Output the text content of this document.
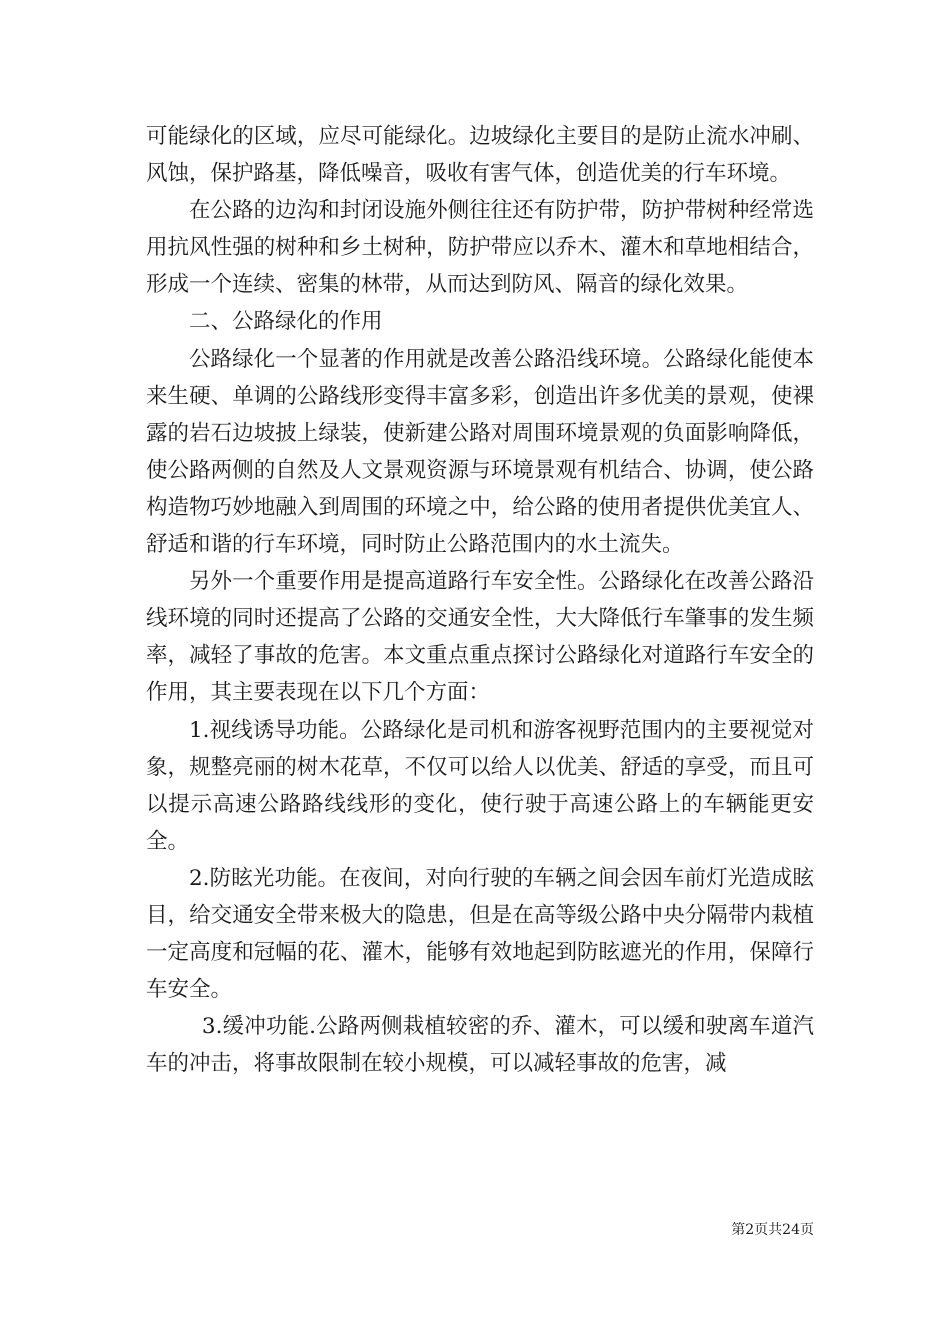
可能绿化的区域，应尽可能绿化。边坡绿化主要目的是防止流水冲刷、风蚀，保护路基，降低噪音，吸收有害气体，创造优美的行车环境。

在公路的边沟和封闭设施外侧往往还有防护带，防护带树种经常选用抗风性强的树种和乡土树种，防护带应以乔木、灌木和草地相结合，形成一个连续、密集的林带，从而达到防风、隔音的绿化效果。

二、公路绿化的作用

公路绿化一个显著的作用就是改善公路沿线环境。公路绿化能使本来生硬、单调的公路线形变得丰富多彩，创造出许多优美的景观，使裸露的岩石边坡披上绿装，使新建公路对周围环境景观的负面影响降低，使公路两侧的自然及人文景观资源与环境景观有机结合、协调，使公路构造物巧妙地融入到周围的环境之中，给公路的使用者提供优美宜人、舒适和谐的行车环境，同时防止公路范围内的水土流失。

另外一个重要作用是提高道路行车安全性。公路绿化在改善公路沿线环境的同时还提高了公路的交通安全性，大大降低行车肇事的发生频率，减轻了事故的危害。本文重点重点探讨公路绿化对道路行车安全的作用，其主要表现在以下几个方面：

1.视线诱导功能。公路绿化是司机和游客视野范围内的主要视觉对象，规整亮丽的树木花草，不仅可以给人以优美、舒适的享受，而且可以提示高速公路路线线形的变化，使行驶于高速公路上的车辆能更安全。

2.防眩光功能。在夜间，对向行驶的车辆之间会因车前灯光造成眩目，给交通安全带来极大的隐患，但是在高等级公路中央分隔带内栽植一定高度和冠幅的花、灌木，能够有效地起到防眩遮光的作用，保障行车安全。

3.缓冲功能.公路两侧栽植较密的乔、灌木，可以缓和驶离车道汽车的冲击，将事故限制在较小规模，可以减轻事故的危害，减

第2页共24页
